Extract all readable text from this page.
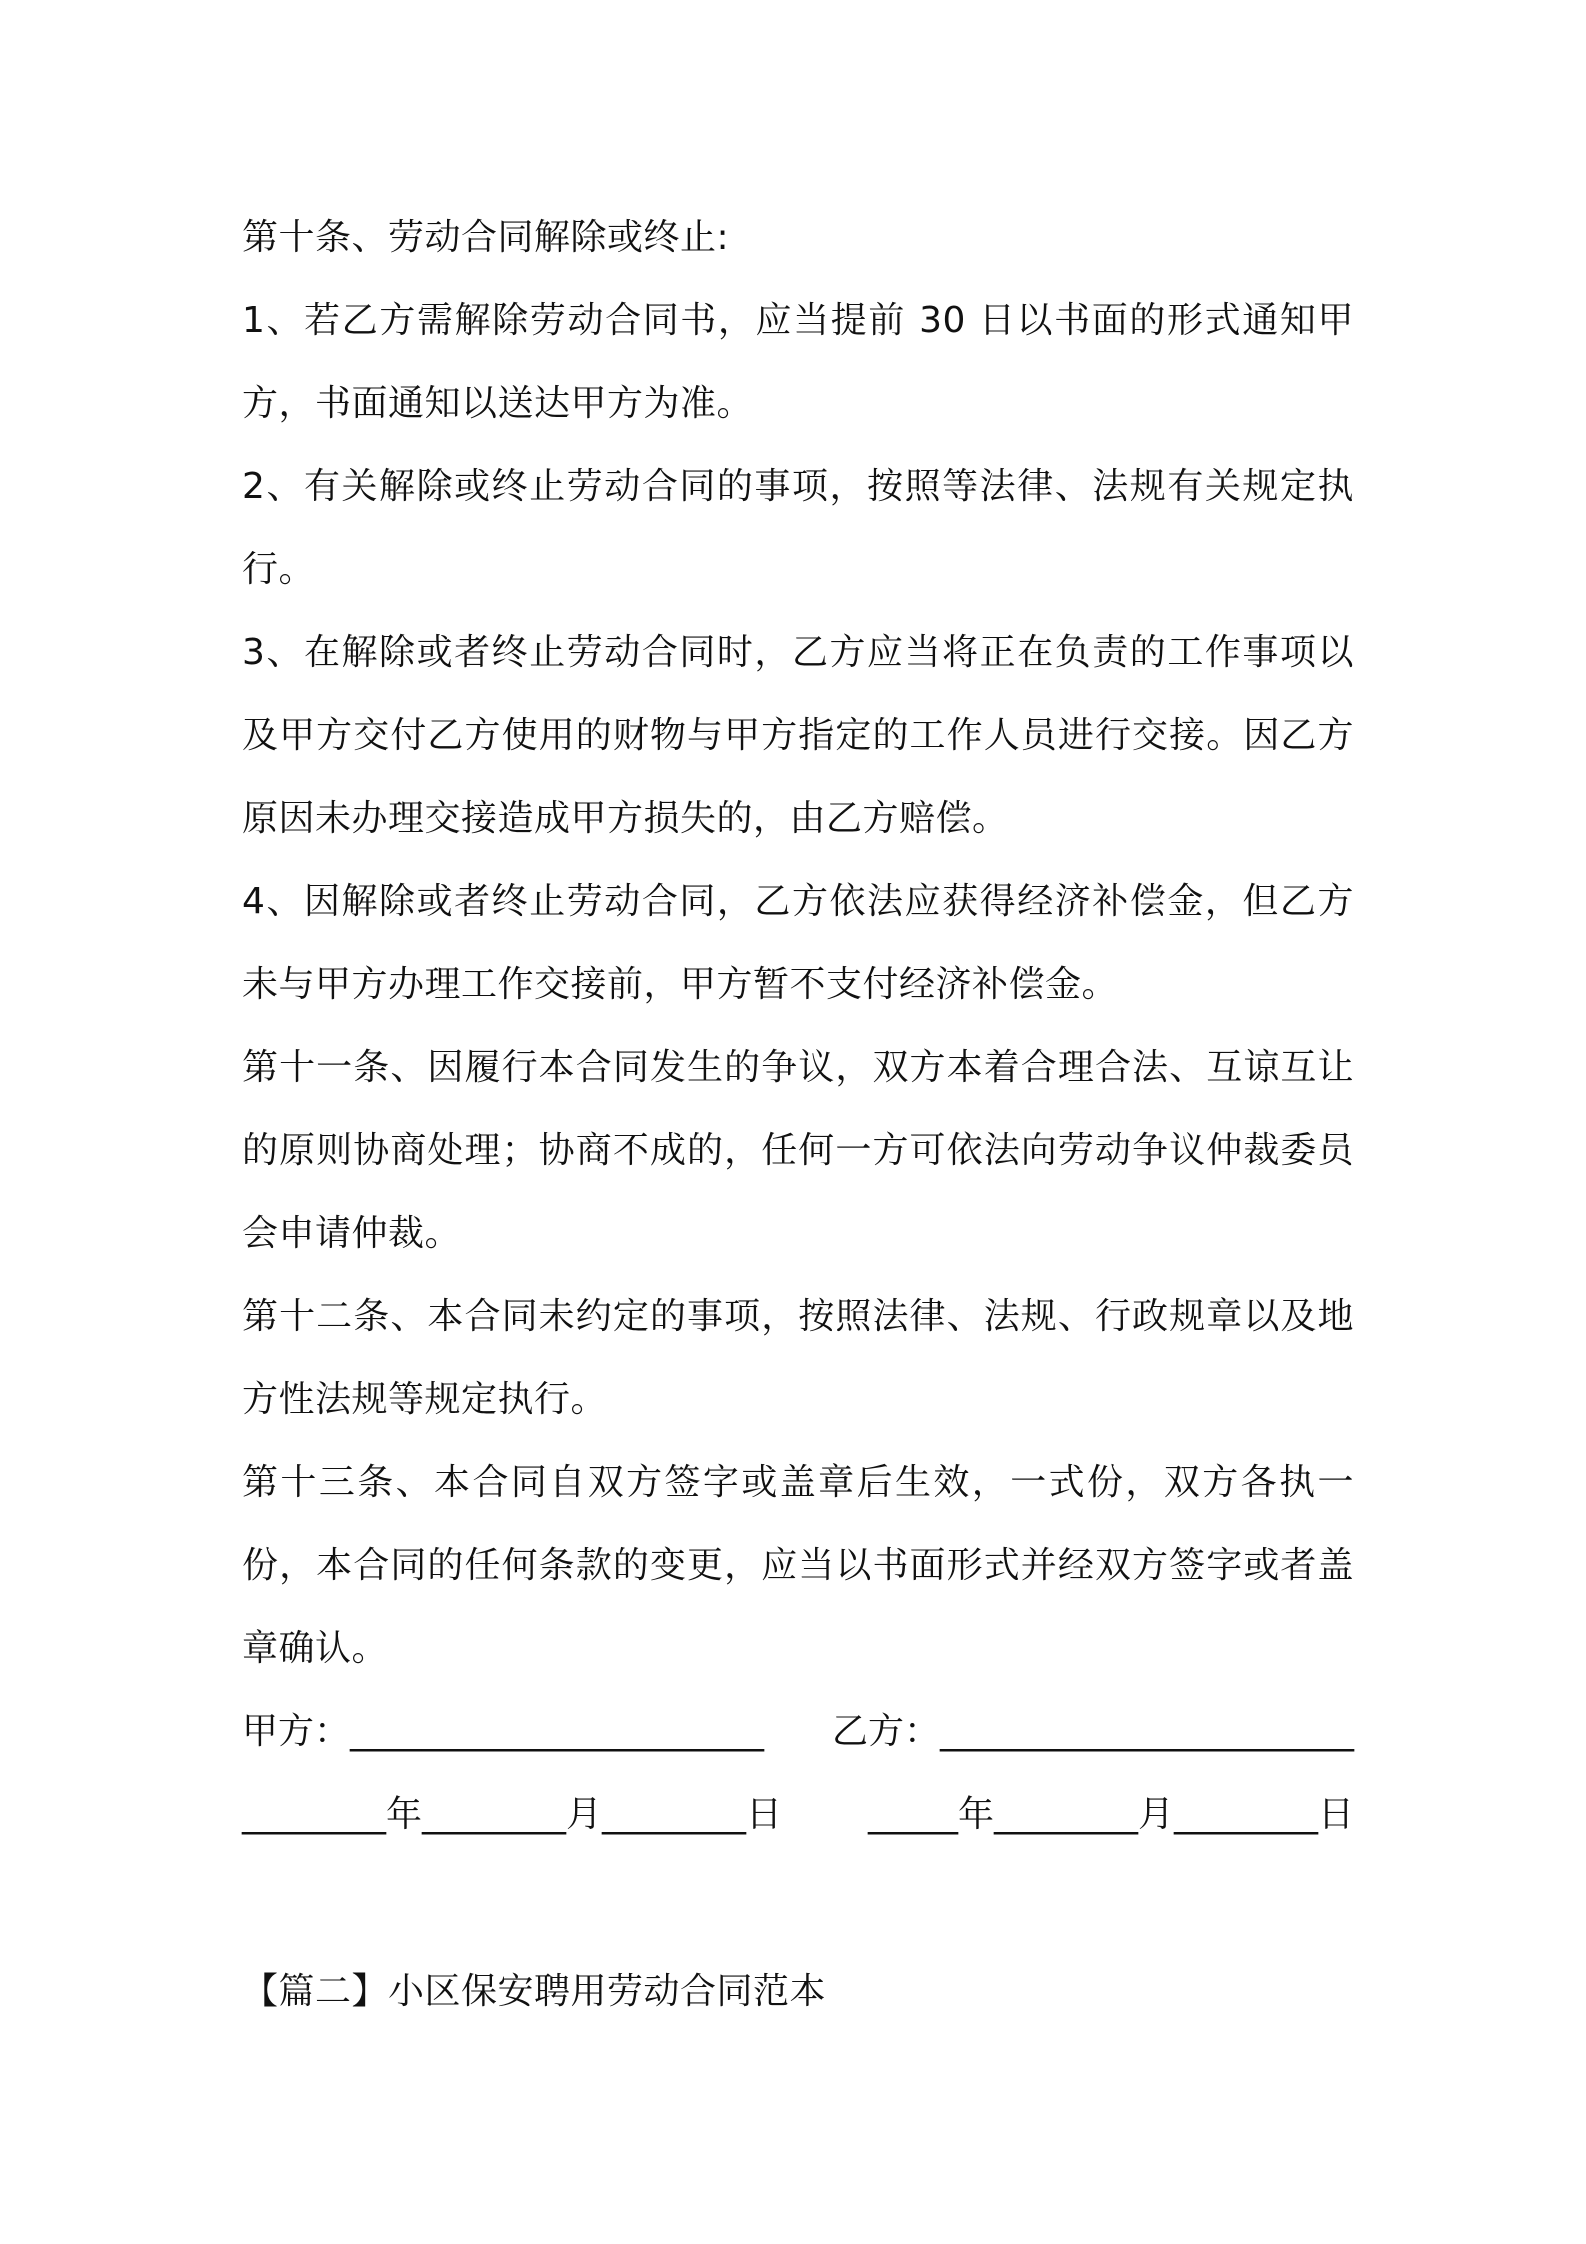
第十条、劳动合同解除或终止:

1、若乙方需解除劳动合同书，应当提前 30 日以书面的形式通知甲方，书面通知以送达甲方为准。

2、有关解除或终止劳动合同的事项，按照等法律、法规有关规定执行。

3、在解除或者终止劳动合同时，乙方应当将正在负责的工作事项以及甲方交付乙方使用的财物与甲方指定的工作人员进行交接。因乙方原因未办理交接造成甲方损失的，由乙方赔偿。

4、因解除或者终止劳动合同，乙方依法应获得经济补偿金，但乙方未与甲方办理工作交接前，甲方暂不支付经济补偿金。

第十一条、因履行本合同发生的争议，双方本着合理合法、互谅互让的原则协商处理；协商不成的，任何一方可依法向劳动争议仲裁委员会申请仲裁。

第十二条、本合同未约定的事项，按照法律、法规、行政规章以及地方性法规等规定执行。

第十三条、本合同自双方签字或盖章后生效，一式份，双方各执一份，本合同的任何条款的变更，应当以书面形式并经双方签字或者盖章确认。

甲方：_______________________ 乙方：_______________________
________年________月________日 _____年________月________日

【篇二】小区保安聘用劳动合同范本
